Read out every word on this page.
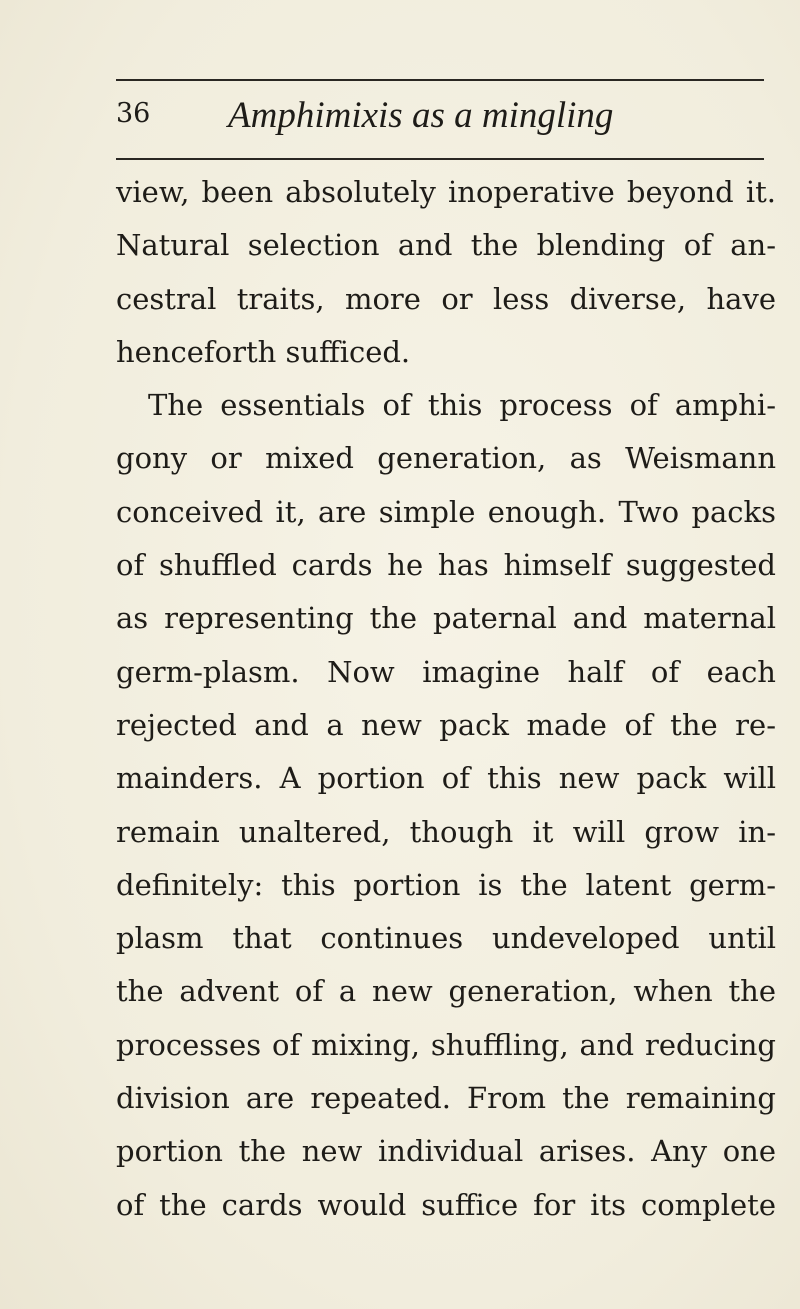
36 Amphimixis as a mingling
view, been absolutely inoperative beyond it.
Natural selection and the blending of an-
cestral traits, more or less diverse, have
henceforth sufficed.
The essentials of this process of amphi-
gony or mixed generation, as Weismann
conceived it, are simple enough. Two packs
of shuffled cards he has himself suggested
as representing the paternal and maternal
germ-plasm. Now imagine half of each
rejected and a new pack made of the re-
mainders. A portion of this new pack will
remain unaltered, though it will grow in-
definitely: this portion is the latent germ-
plasm that continues undeveloped until
the advent of a new generation, when the
processes of mixing, shuffling, and reducing
division are repeated. From the remaining
portion the new individual arises. Any one
of the cards would suffice for its complete
